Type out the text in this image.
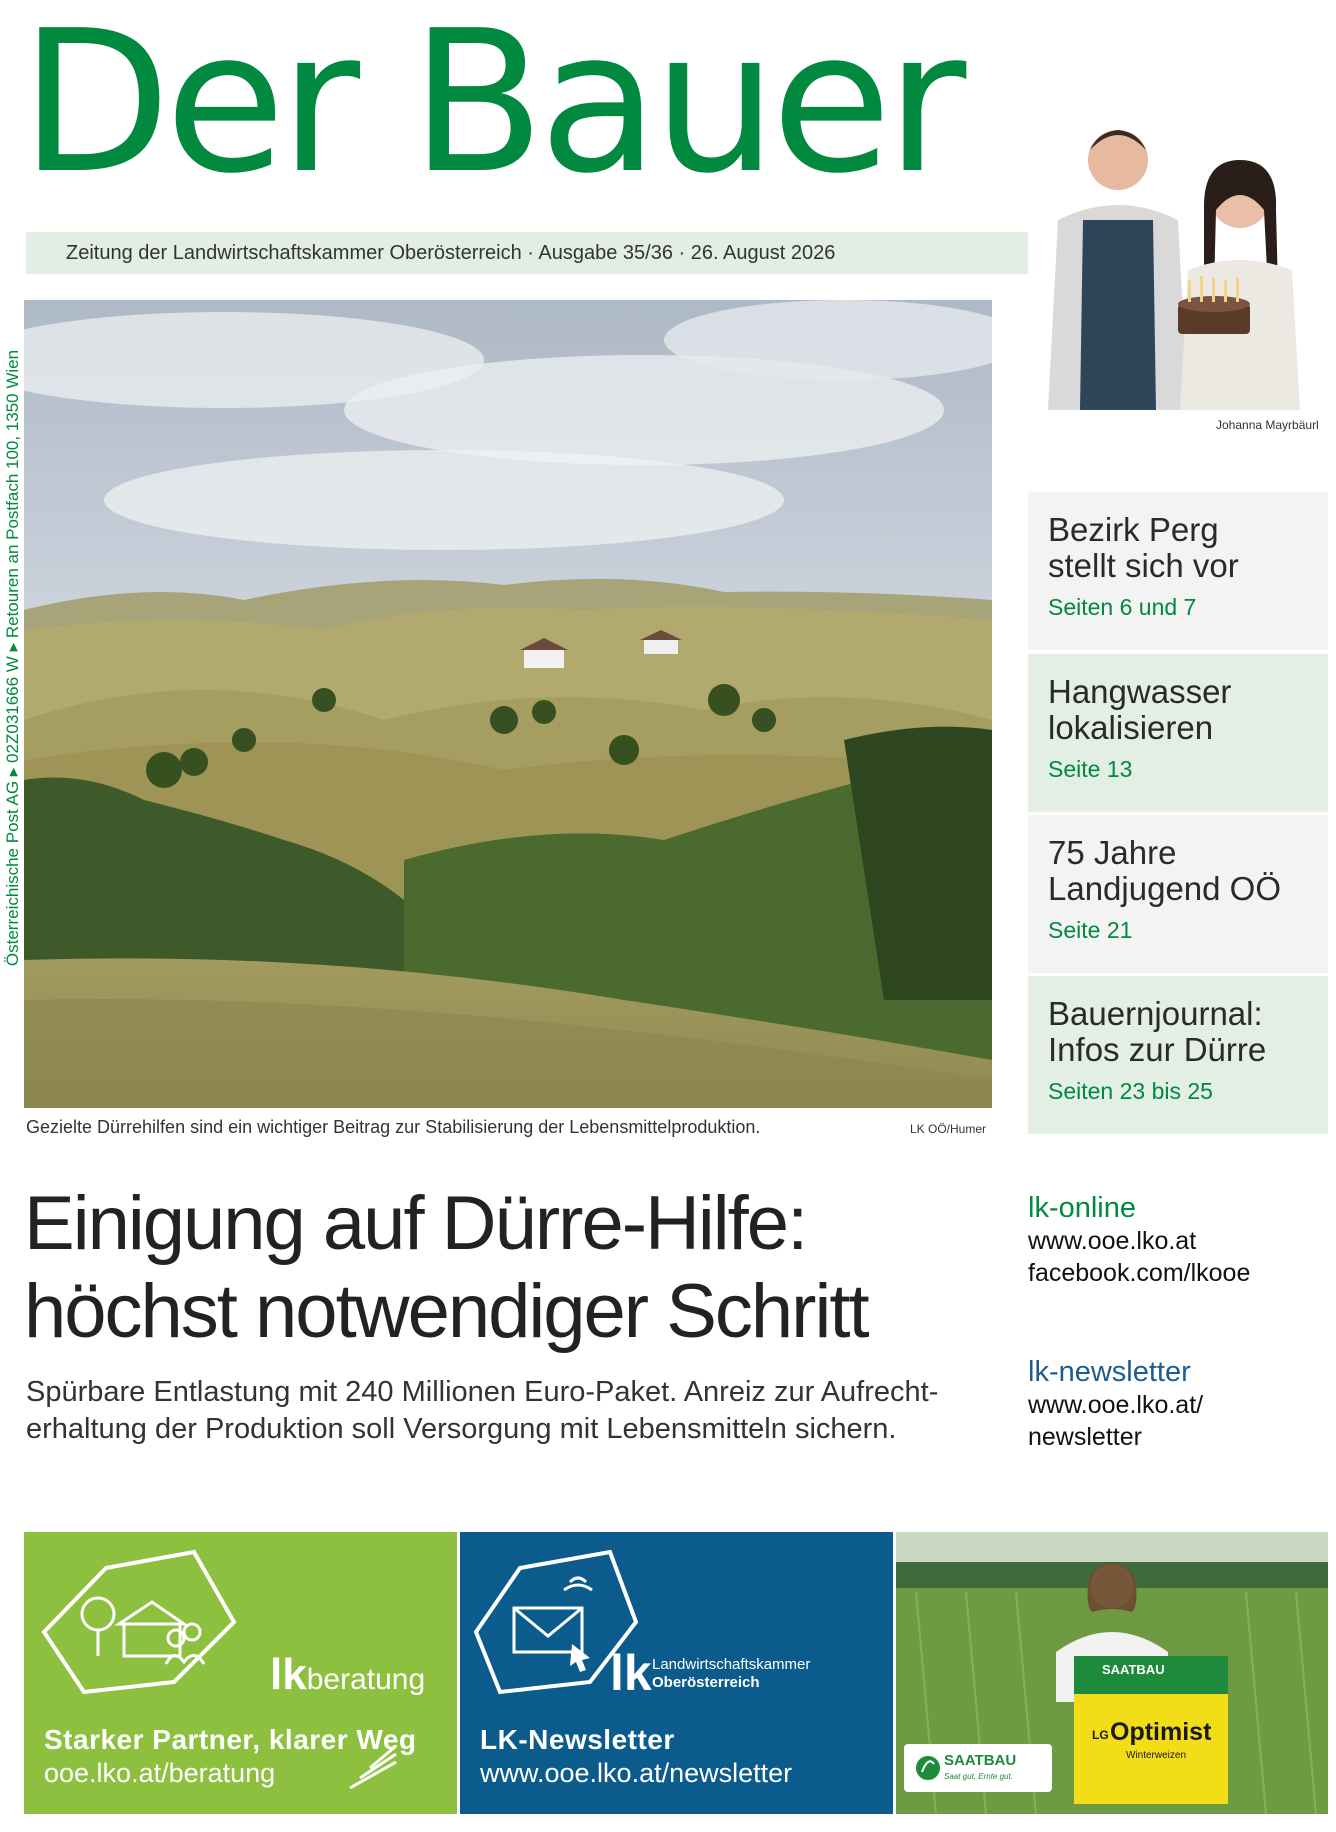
Der Bauer
Zeitung der Landwirtschaftskammer Oberösterreich · Ausgabe 35/36 · 26. August 2026
Österreichische Post AG ▸ 02Z031666 W ▸ Retouren an Postfach 100, 1350 Wien
Gezielte Dürrehilfen sind ein wichtiger Beitrag zur Stabilisierung der Lebensmittelproduktion.	LK OÖ/Humer
Johanna Mayrbäurl
Bezirk Perg
stellt sich vor
Seiten 6 und 7
Hangwasser
lokalisieren
Seite 13
75 Jahre
Landjugend OÖ
Seite 21
Bauernjournal:
Infos zur Dürre
Seiten 23 bis 25
Einigung auf Dürre-Hilfe:
höchst notwendiger Schritt
Spürbare Entlastung mit 240 Millionen Euro-Paket. Anreiz zur Aufrecht-
erhaltung der Produktion soll Versorgung mit Lebensmitteln sichern.
lk-online
www.ooe.lko.at
facebook.com/lkooe
lk-newsletter
www.ooe.lko.at/
newsletter
lkberatung
Starker Partner, klarer Weg
ooe.lko.at/beratung
lk Landwirtschaftskammer
Oberösterreich
LK-Newsletter
www.ooe.lko.at/newsletter
SAATBAU
LG Optimist
Winterweizen
SAATBAU
Saat gut, Ernte gut.
